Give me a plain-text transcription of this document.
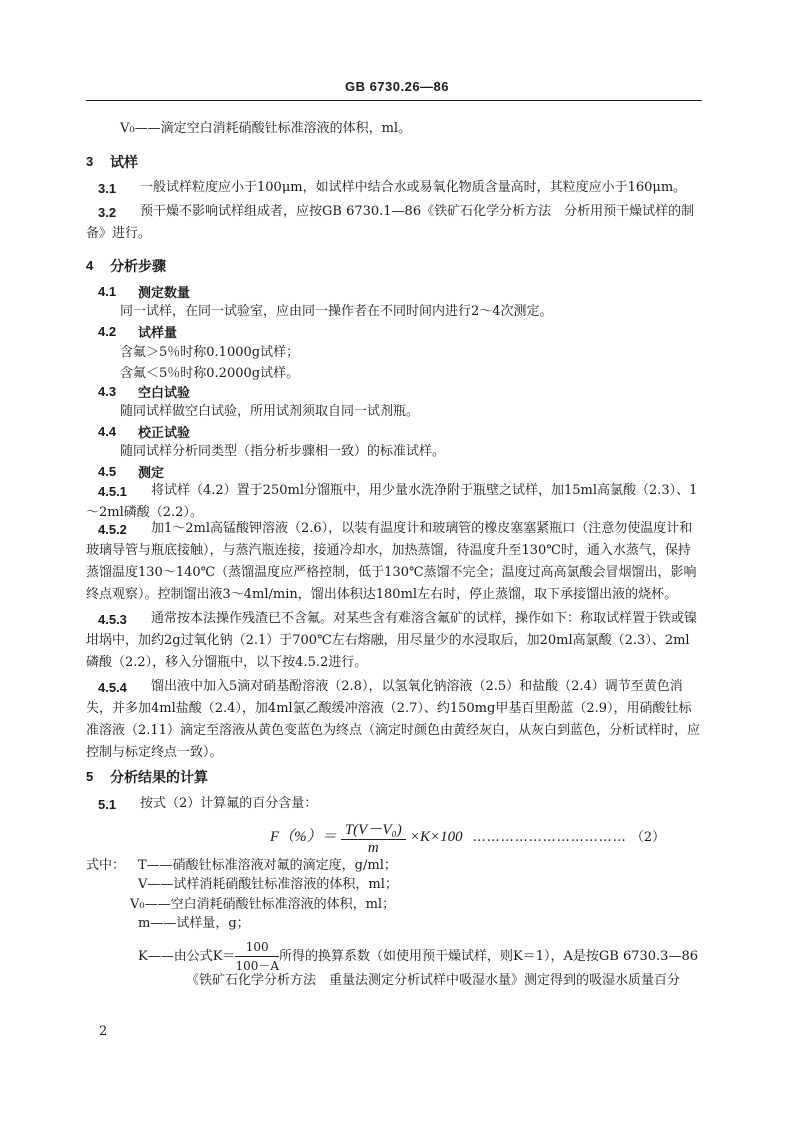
GB 6730.26—86
V₀——滴定空白消耗硝酸钍标准溶液的体积，ml。
3 试样
3.1 一般试样粒度应小于100μm，如试样中结合水或易氧化物质含量高时，其粒度应小于160μm。
3.2	预干燥不影响试样组成者，应按GB 6730.1—86《铁矿石化学分析方法　分析用预干燥试样的制备》进行。
4 分析步骤
4.1 测定数量
同一试样，在同一试验室，应由同一操作者在不同时间内进行2～4次测定。
4.2 试样量
含氟＞5％时称0.1000g试样；
含氟＜5％时称0.2000g试样。
4.3 空白试验
随同试样做空白试验，所用试剂须取自同一试剂瓶。
4.4 校正试验
随同试样分析同类型（指分析步骤相一致）的标准试样。
4.5 测定
4.5.1	将试样（4.2）置于250ml分馏瓶中，用少量水洗净附于瓶壁之试样，加15ml高氯酸（2.3）、1～2ml磷酸（2.2）。
4.5.2	加1～2ml高锰酸钾溶液（2.6），以装有温度计和玻璃管的橡皮塞塞紧瓶口（注意勿使温度计和玻璃导管与瓶底接触），与蒸汽瓶连接，接通冷却水，加热蒸馏，待温度升至130℃时，通入水蒸气，保持蒸馏温度130～140℃（蒸馏温度应严格控制，低于130℃蒸馏不完全；温度过高高氯酸会冒烟馏出，影响终点观察）。控制馏出液3～4ml/min，馏出体积达180ml左右时，停止蒸馏，取下承接馏出液的烧杯。
4.5.3	通常按本法操作残渣已不含氟。对某些含有难溶含氟矿的试样，操作如下：称取试样置于铁或镍坩埚中，加约2g过氧化钠（2.1）于700℃左右熔融，用尽量少的水浸取后，加20ml高氯酸（2.3）、2ml磷酸（2.2），移入分馏瓶中，以下按4.5.2进行。
4.5.4	馏出液中加入5滴对硝基酚溶液（2.8），以氢氧化钠溶液（2.5）和盐酸（2.4）调节至黄色消失，并多加4ml盐酸（2.4），加4ml氯乙酸缓冲溶液（2.7）、约150mg甲基百里酚蓝（2.9），用硝酸钍标准溶液（2.11）滴定至溶液从黄色变蓝色为终点（滴定时颜色由黄经灰白，从灰白到蓝色，分析试样时，应控制与标定终点一致）。
5 分析结果的计算
5.1 按式（2）计算氟的百分含量：
$F(\%)= \frac{\text{T(V－V₀)}}{m} \times K\times 100$ …………………………… （2）
式中： T——硝酸钍标准溶液对氟的滴定度，g/ml；
V——试样消耗硝酸钍标准溶液的体积，ml；
V₀——空白消耗硝酸钍标准溶液的体积，ml；
m——试样量，g；
K——由公式$K= \frac{100}{100-A}$ 所得的换算系数（如使用预干燥试样，则K＝1），A是按GB 6730.3—86
《铁矿石化学分析方法　重量法测定分析试样中吸湿水量》测定得到的吸湿水质量百分
2
